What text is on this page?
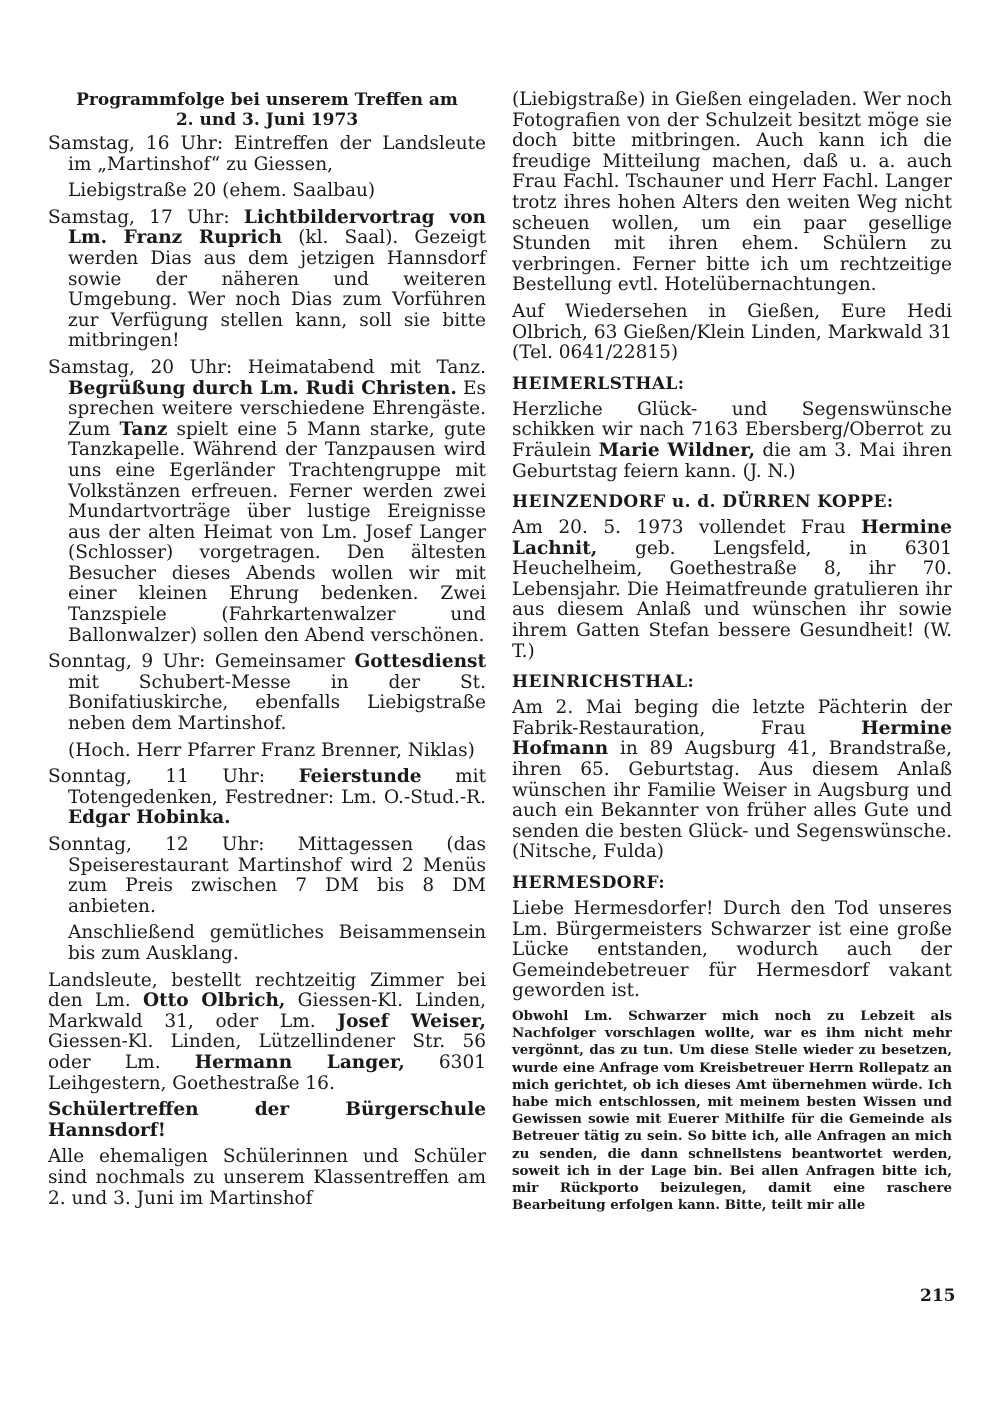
Programmfolge bei unserem Treffen am
2. und 3. Juni 1973

Samstag, 16 Uhr: Eintreffen der Landsleute im „Martinshof“ zu Giessen,

Liebigstraße 20 (ehem. Saalbau)

Samstag, 17 Uhr: Lichtbildervortrag von Lm. Franz Ruprich (kl. Saal). Gezeigt werden Dias aus dem jetzigen Hannsdorf sowie der näheren und weiteren Umgebung. Wer noch Dias zum Vorführen zur Verfügung stellen kann, soll sie bitte mitbringen!

Samstag, 20 Uhr: Heimatabend mit Tanz. Begrüßung durch Lm. Rudi Christen. Es sprechen weitere verschiedene Ehrengäste. Zum Tanz spielt eine 5 Mann starke, gute Tanzkapelle. Während der Tanzpausen wird uns eine Egerländer Trachtengruppe mit Volkstänzen erfreuen. Ferner werden zwei Mundartvorträge über lustige Ereignisse aus der alten Heimat von Lm. Josef Langer (Schlosser) vorgetragen. Den ältesten Besucher dieses Abends wollen wir mit einer kleinen Ehrung bedenken. Zwei Tanzspiele (Fahrkartenwalzer und Ballonwalzer) sollen den Abend verschönen.

Sonntag, 9 Uhr: Gemeinsamer Gottesdienst mit Schubert-Messe in der St. Bonifatiuskirche, ebenfalls Liebigstraße neben dem Martinshof.

(Hoch. Herr Pfarrer Franz Brenner, Niklas)

Sonntag, 11 Uhr: Feierstunde mit Totengedenken, Festredner: Lm. O.-Stud.-R. Edgar Hobinka.

Sonntag, 12 Uhr: Mittagessen (das Speiserestaurant Martinshof wird 2 Menüs zum Preis zwischen 7 DM bis 8 DM anbieten.

Anschließend gemütliches Beisammensein bis zum Ausklang.

Landsleute, bestellt rechtzeitig Zimmer bei den Lm. Otto Olbrich, Giessen-Kl. Linden, Markwald 31, oder Lm. Josef Weiser, Giessen-Kl. Linden, Lützellindener Str. 56 oder Lm. Hermann Langer, 6301 Leihgestern, Goethestraße 16.

Schülertreffen der Bürgerschule Hannsdorf!

Alle ehemaligen Schülerinnen und Schüler sind nochmals zu unserem Klassentreffen am 2. und 3. Juni im Martinshof

(Liebigstraße) in Gießen eingeladen. Wer noch Fotografien von der Schulzeit besitzt möge sie doch bitte mitbringen. Auch kann ich die freudige Mitteilung machen, daß u. a. auch Frau Fachl. Tschauner und Herr Fachl. Langer trotz ihres hohen Alters den weiten Weg nicht scheuen wollen, um ein paar gesellige Stunden mit ihren ehem. Schülern zu verbringen. Ferner bitte ich um rechtzeitige Bestellung evtl. Hotelübernachtungen.

Auf Wiedersehen in Gießen, Eure Hedi Olbrich, 63 Gießen/Klein Linden, Markwald 31 (Tel. 0641/22815)

HEIMERLSTHAL:

Herzliche Glück- und Segenswünsche schikken wir nach 7163 Ebersberg/Oberrot zu Fräulein Marie Wildner, die am 3. Mai ihren Geburtstag feiern kann. (J. N.)

HEINZENDORF u. d. DÜRREN KOPPE:

Am 20. 5. 1973 vollendet Frau Hermine Lachnit, geb. Lengsfeld, in 6301 Heuchelheim, Goethestraße 8, ihr 70. Lebensjahr. Die Heimatfreunde gratulieren ihr aus diesem Anlaß und wünschen ihr sowie ihrem Gatten Stefan bessere Gesundheit! (W. T.)

HEINRICHSTHAL:

Am 2. Mai beging die letzte Pächterin der Fabrik-Restauration, Frau Hermine Hofmann in 89 Augsburg 41, Brandstraße, ihren 65. Geburtstag. Aus diesem Anlaß wünschen ihr Familie Weiser in Augsburg und auch ein Bekannter von früher alles Gute und senden die besten Glück- und Segenswünsche. (Nitsche, Fulda)

HERMESDORF:

Liebe Hermesdorfer! Durch den Tod unseres Lm. Bürgermeisters Schwarzer ist eine große Lücke entstanden, wodurch auch der Gemeindebetreuer für Hermesdorf vakant geworden ist.

Obwohl Lm. Schwarzer mich noch zu Lebzeit als Nachfolger vorschlagen wollte, war es ihm nicht mehr vergönnt, das zu tun. Um diese Stelle wieder zu besetzen, wurde eine Anfrage vom Kreisbetreuer Herrn Rollepatz an mich gerichtet, ob ich dieses Amt übernehmen würde. Ich habe mich entschlossen, mit meinem besten Wissen und Gewissen sowie mit Euerer Mithilfe für die Gemeinde als Betreuer tätig zu sein. So bitte ich, alle Anfragen an mich zu senden, die dann schnellstens beantwortet werden, soweit ich in der Lage bin. Bei allen Anfragen bitte ich, mir Rückporto beizulegen, damit eine raschere Bearbeitung erfolgen kann. Bitte, teilt mir alle

215
